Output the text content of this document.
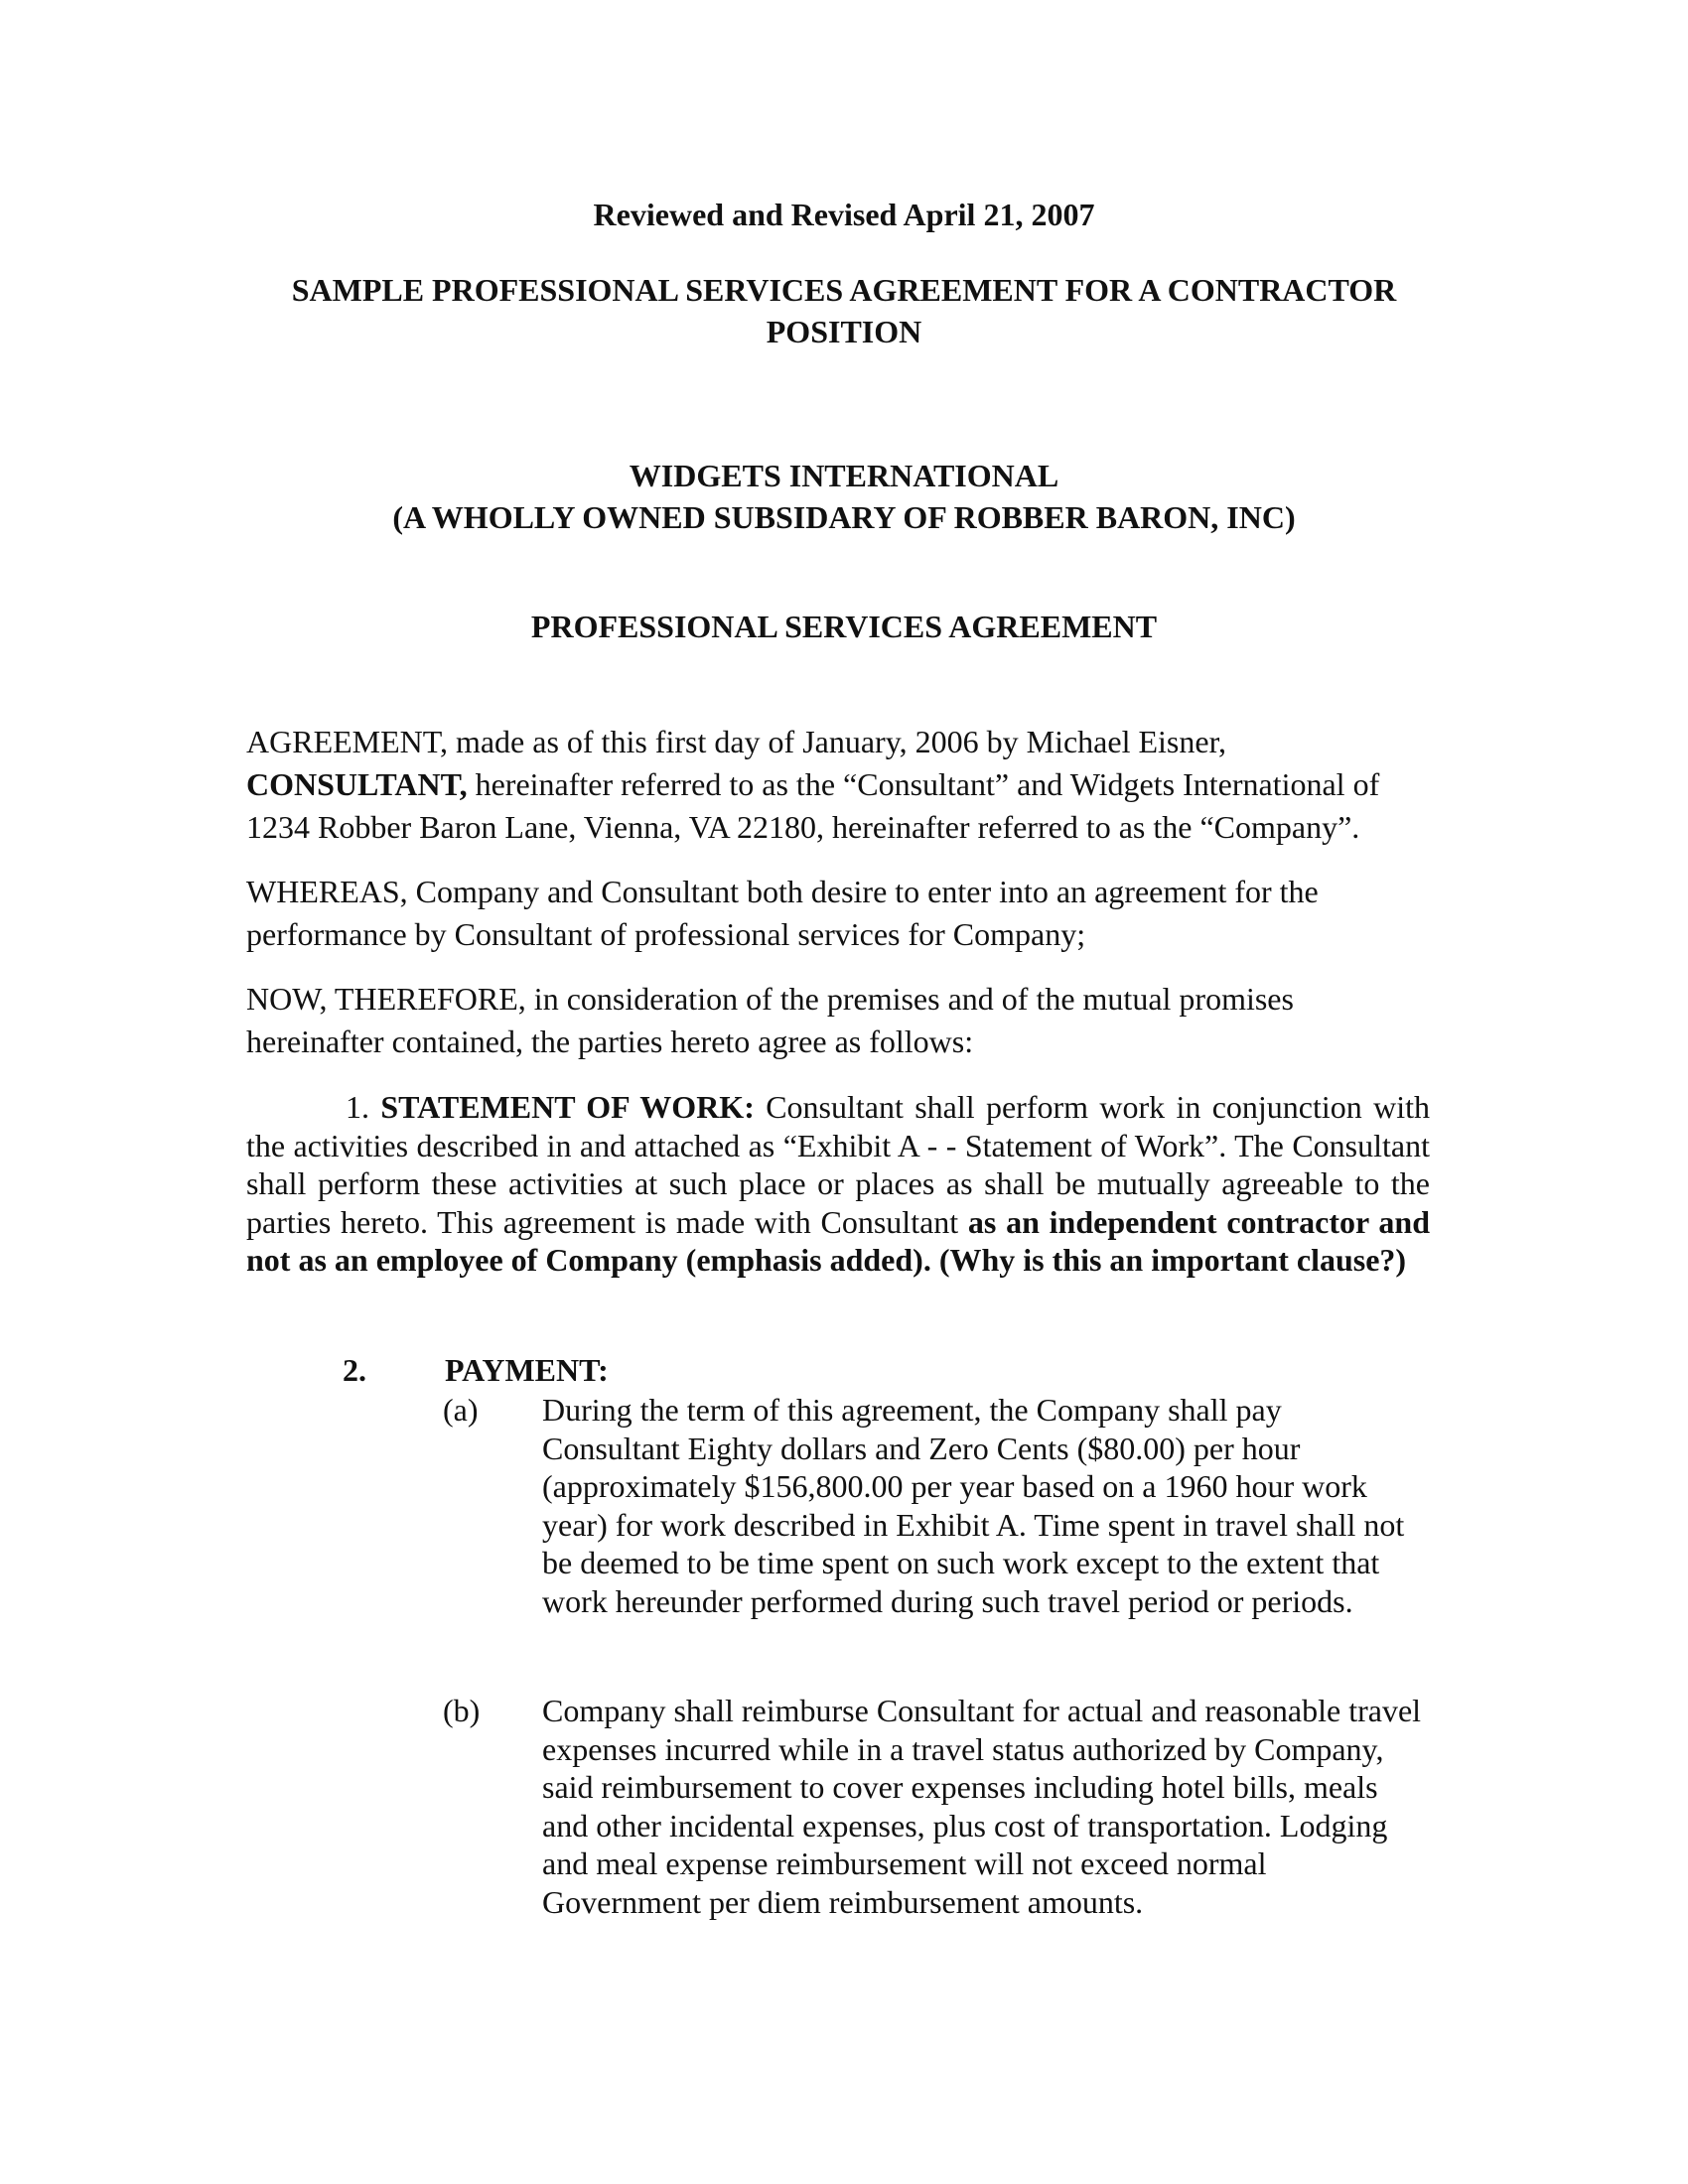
Reviewed and Revised April 21, 2007
SAMPLE PROFESSIONAL SERVICES AGREEMENT FOR A CONTRACTOR
POSITION
WIDGETS INTERNATIONAL
(A WHOLLY OWNED SUBSIDARY OF ROBBER BARON, INC)
PROFESSIONAL SERVICES AGREEMENT
AGREEMENT, made as of this first day of January, 2006 by Michael Eisner, CONSULTANT, hereinafter referred to as the “Consultant” and Widgets International of 1234 Robber Baron Lane, Vienna, VA 22180, hereinafter referred to as the “Company”.
WHEREAS, Company and Consultant both desire to enter into an agreement for the performance by Consultant of professional services for Company;
NOW, THEREFORE, in consideration of the premises and of the mutual promises hereinafter contained, the parties hereto agree as follows:
1. STATEMENT OF WORK: Consultant shall perform work in conjunction with the activities described in and attached as “Exhibit A - - Statement of Work”. The Consultant shall perform these activities at such place or places as shall be mutually agreeable to the parties hereto. This agreement is made with Consultant as an independent contractor and not as an employee of Company (emphasis added). (Why is this an important clause?)
2. PAYMENT:
(a) During the term of this agreement, the Company shall pay Consultant Eighty dollars and Zero Cents ($80.00) per hour (approximately $156,800.00 per year based on a 1960 hour work year) for work described in Exhibit A. Time spent in travel shall not be deemed to be time spent on such work except to the extent that work hereunder performed during such travel period or periods.
(b) Company shall reimburse Consultant for actual and reasonable travel expenses incurred while in a travel status authorized by Company, said reimbursement to cover expenses including hotel bills, meals and other incidental expenses, plus cost of transportation. Lodging and meal expense reimbursement will not exceed normal Government per diem reimbursement amounts.
